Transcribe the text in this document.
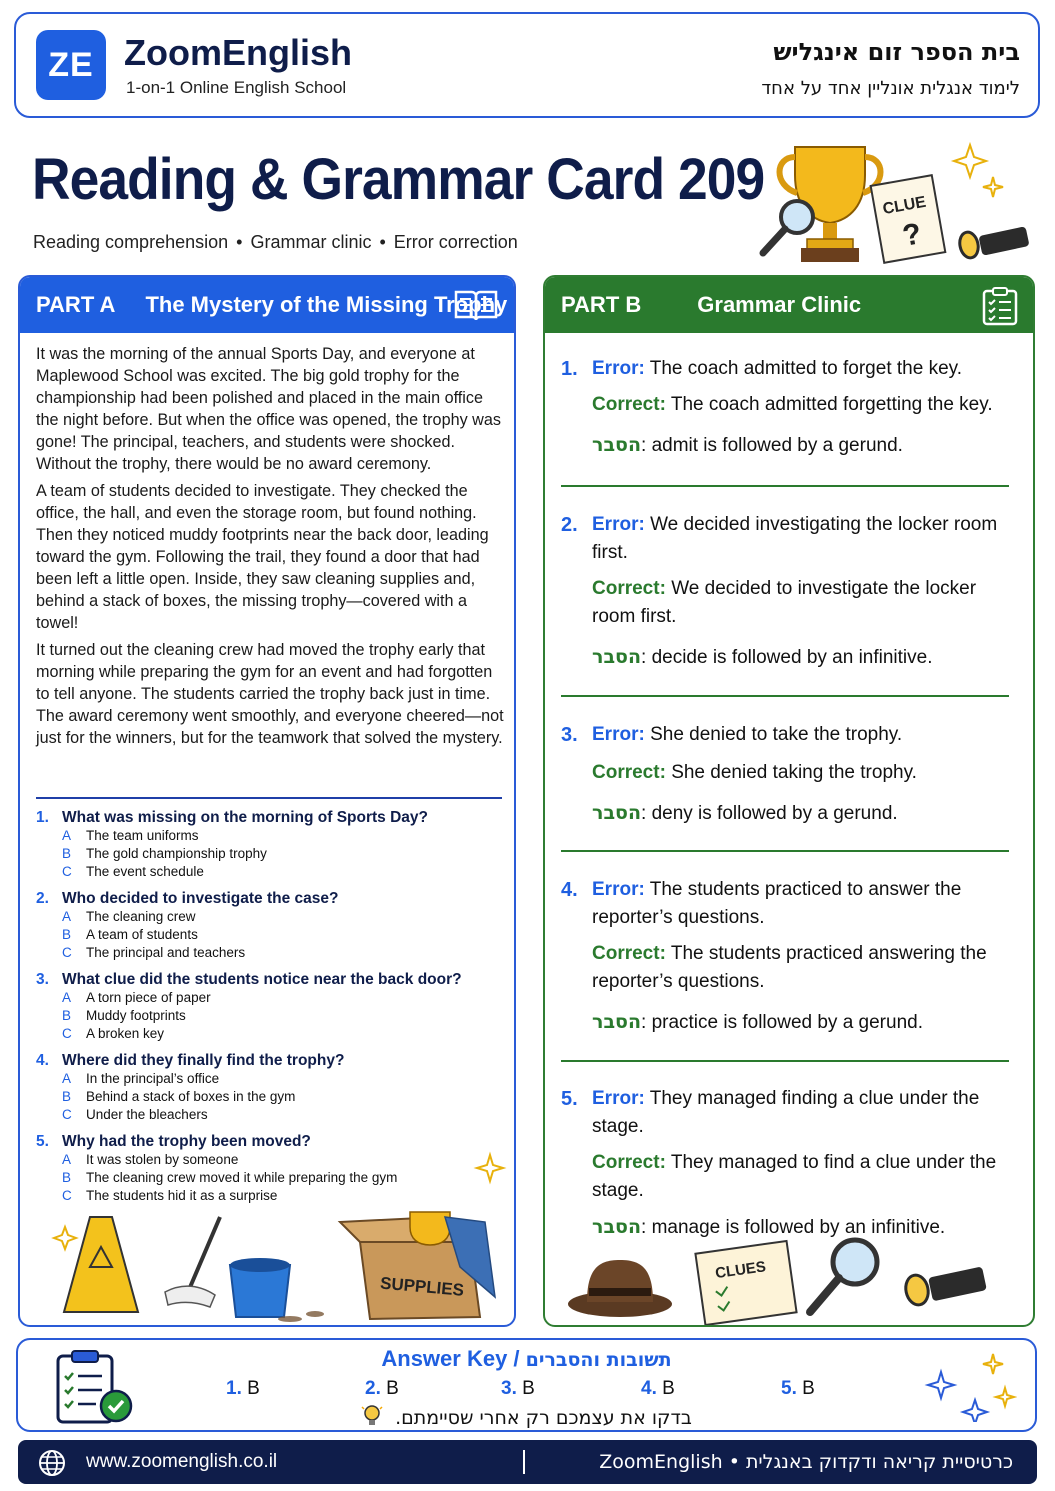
ZE ZoomEnglish
1-on-1 Online English School
בית הספר זום אינגליש
לימוד אנגלית אונליין אחד על אחד
Reading & Grammar Card 209
Reading comprehension • Grammar clinic • Error correction
CLUE
?
PART A The Mystery of the Missing Trophy

It was the morning of the annual Sports Day, and everyone at Maplewood School was excited. The big gold trophy for the championship had been polished and placed in the main office the night before. But when the office was opened, the trophy was gone! The principal, teachers, and students were shocked. Without the trophy, there would be no award ceremony.

A team of students decided to investigate. They checked the office, the hall, and even the storage room, but found nothing. Then they noticed muddy footprints near the back door, leading toward the gym. Following the trail, they found a door that had been left a little open. Inside, they saw cleaning supplies and, behind a stack of boxes, the missing trophy—covered with a towel!

It turned out the cleaning crew had moved the trophy early that morning while preparing the gym for an event and had forgotten to tell anyone. The students carried the trophy back just in time. The award ceremony went smoothly, and everyone cheered—not just for the winners, but for the teamwork that solved the mystery.

1. What was missing on the morning of Sports Day?
A	The team uniforms
B	The gold championship trophy
C	The event schedule
2. Who decided to investigate the case?
A	The cleaning crew
B	A team of students
C	The principal and teachers
3. What clue did the students notice near the back door?
A	A torn piece of paper
B	Muddy footprints
C	A broken key
4. Where did they finally find the trophy?
A	In the principal’s office
B	Behind a stack of boxes in the gym
C	Under the bleachers
5. Why had the trophy been moved?
A	It was stolen by someone
B	The cleaning crew moved it while preparing the gym
C	The students hid it as a surprise
SUPPLIES
PART B	Grammar Clinic
1. Error: The coach admitted to forget the key.
Correct: The coach admitted forgetting the key.
הסבר: admit is followed by a gerund.
2. Error: We decided investigating the locker room first.
Correct: We decided to investigate the locker room first.
הסבר: decide is followed by an infinitive.
3. Error: She denied to take the trophy.
Correct: She denied taking the trophy.
הסבר: deny is followed by a gerund.
4. Error: The students practiced to answer the reporter’s questions.
Correct: The students practiced answering the reporter’s questions.
הסבר: practice is followed by a gerund.
5. Error: They managed finding a clue under the stage.
Correct: They managed to find a clue under the stage.
הסבר: manage is followed by an infinitive.
CLUES
Answer Key / תשובות והסברים
1. B	2. B	3. B	4. B	5. B
בדקו את עצמכם רק אחרי שסיימתם.
www.zoomenglish.co.il	כרטיסיית קריאה ודקדוק באנגלית • ZoomEnglish
